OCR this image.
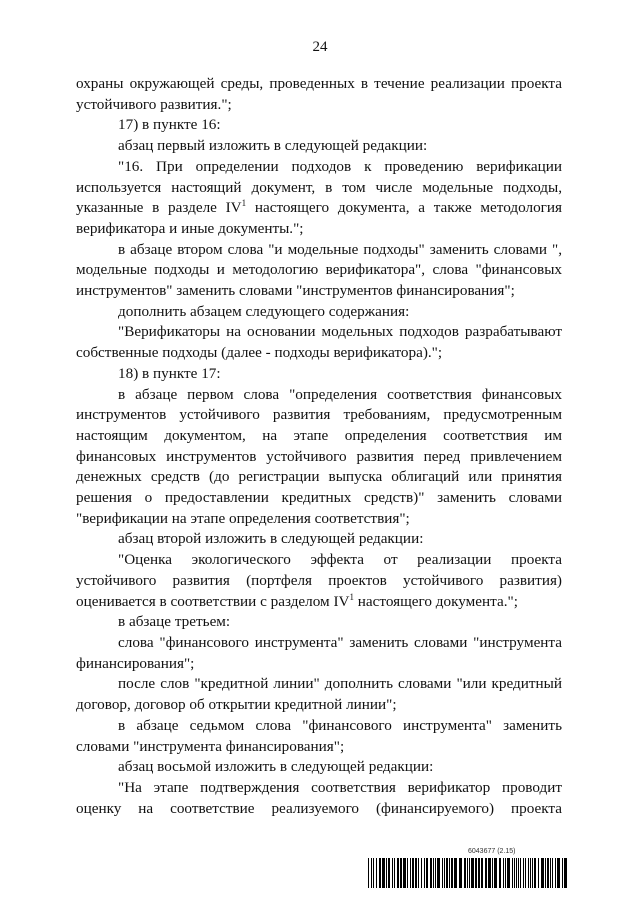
24

охраны окружающей среды, проведенных в течение реализации проекта устойчивого развития.";

17) в пункте 16:

абзац первый изложить в следующей редакции:

"16. При определении подходов к проведению верификации используется настоящий документ, в том числе модельные подходы, указанные в разделе $IV^1$ настоящего документа, а также методология верификатора и иные документы.";

в абзаце втором слова "и модельные подходы" заменить словами ", модельные подходы и методологию верификатора", слова "финансовых инструментов" заменить словами "инструментов финансирования";

дополнить абзацем следующего содержания:

"Верификаторы на основании модельных подходов разрабатывают собственные подходы (далее - подходы верификатора).";

18) в пункте 17:

в абзаце первом слова "определения соответствия финансовых инструментов устойчивого развития требованиям, предусмотренным настоящим документом, на этапе определения соответствия им финансовых инструментов устойчивого развития перед привлечением денежных средств (до регистрации выпуска облигаций или принятия решения о предоставлении кредитных средств)" заменить словами "верификации на этапе определения соответствия";

абзац второй изложить в следующей редакции:

"Оценка экологического эффекта от реализации проекта устойчивого развития (портфеля проектов устойчивого развития) оценивается в соответствии с разделом $IV^1$ настоящего документа.";

в абзаце третьем:

слова "финансового инструмента" заменить словами "инструмента финансирования";

после слов "кредитной линии" дополнить словами "или кредитный договор, договор об открытии кредитной линии";

в абзаце седьмом слова "финансового инструмента" заменить словами "инструмента финансирования";

абзац восьмой изложить в следующей редакции:

"На этапе подтверждения соответствия верификатор проводит оценку на соответствие реализуемого (финансируемого) проекта

6043677 (2.15)
